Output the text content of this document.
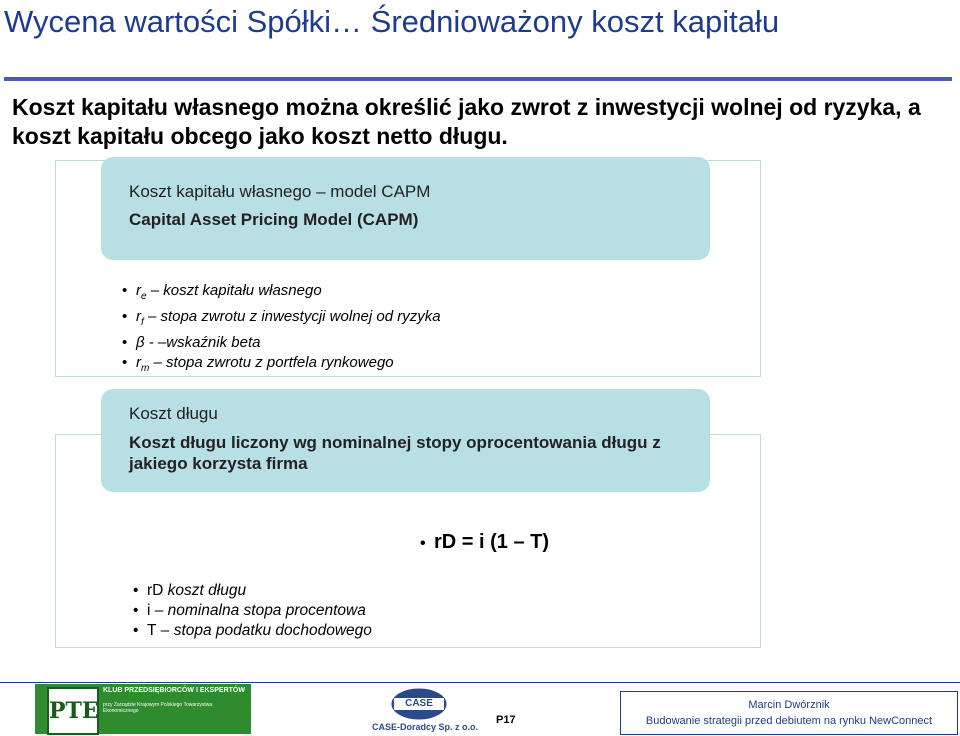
Wycena wartości Spółki… Średnioważony koszt kapitału
Koszt kapitału własnego można określić jako zwrot z inwestycji wolnej od ryzyka, a koszt kapitału obcego jako koszt netto długu.
Koszt kapitału własnego – model CAPM
Capital Asset Pricing Model (CAPM)
• $r_e$ – koszt kapitału własnego
• $r_f$ – stopa zwrotu z inwestycji wolnej od ryzyka
• β - –wskaźnik beta
• $r_m$ – stopa zwrotu z portfela rynkowego
Koszt długu
Koszt długu liczony wg nominalnej stopy oprocentowania długu z jakiego korzysta firma
• rD = i (1 – T)
• rD koszt długu
• i – nominalna stopa procentowa
• T – stopa podatku dochodowego
PTE
KLUB PRZEDSIĘBIORCÓW I EKSPERTÓW
przy Zarządzie Krajowym Polskiego Towarzystwa Ekonomicznego
CASE
CASE-Doradcy Sp. z o.o.
P17
Marcin Dwórznik
Budowanie strategii przed debiutem na rynku NewConnect
